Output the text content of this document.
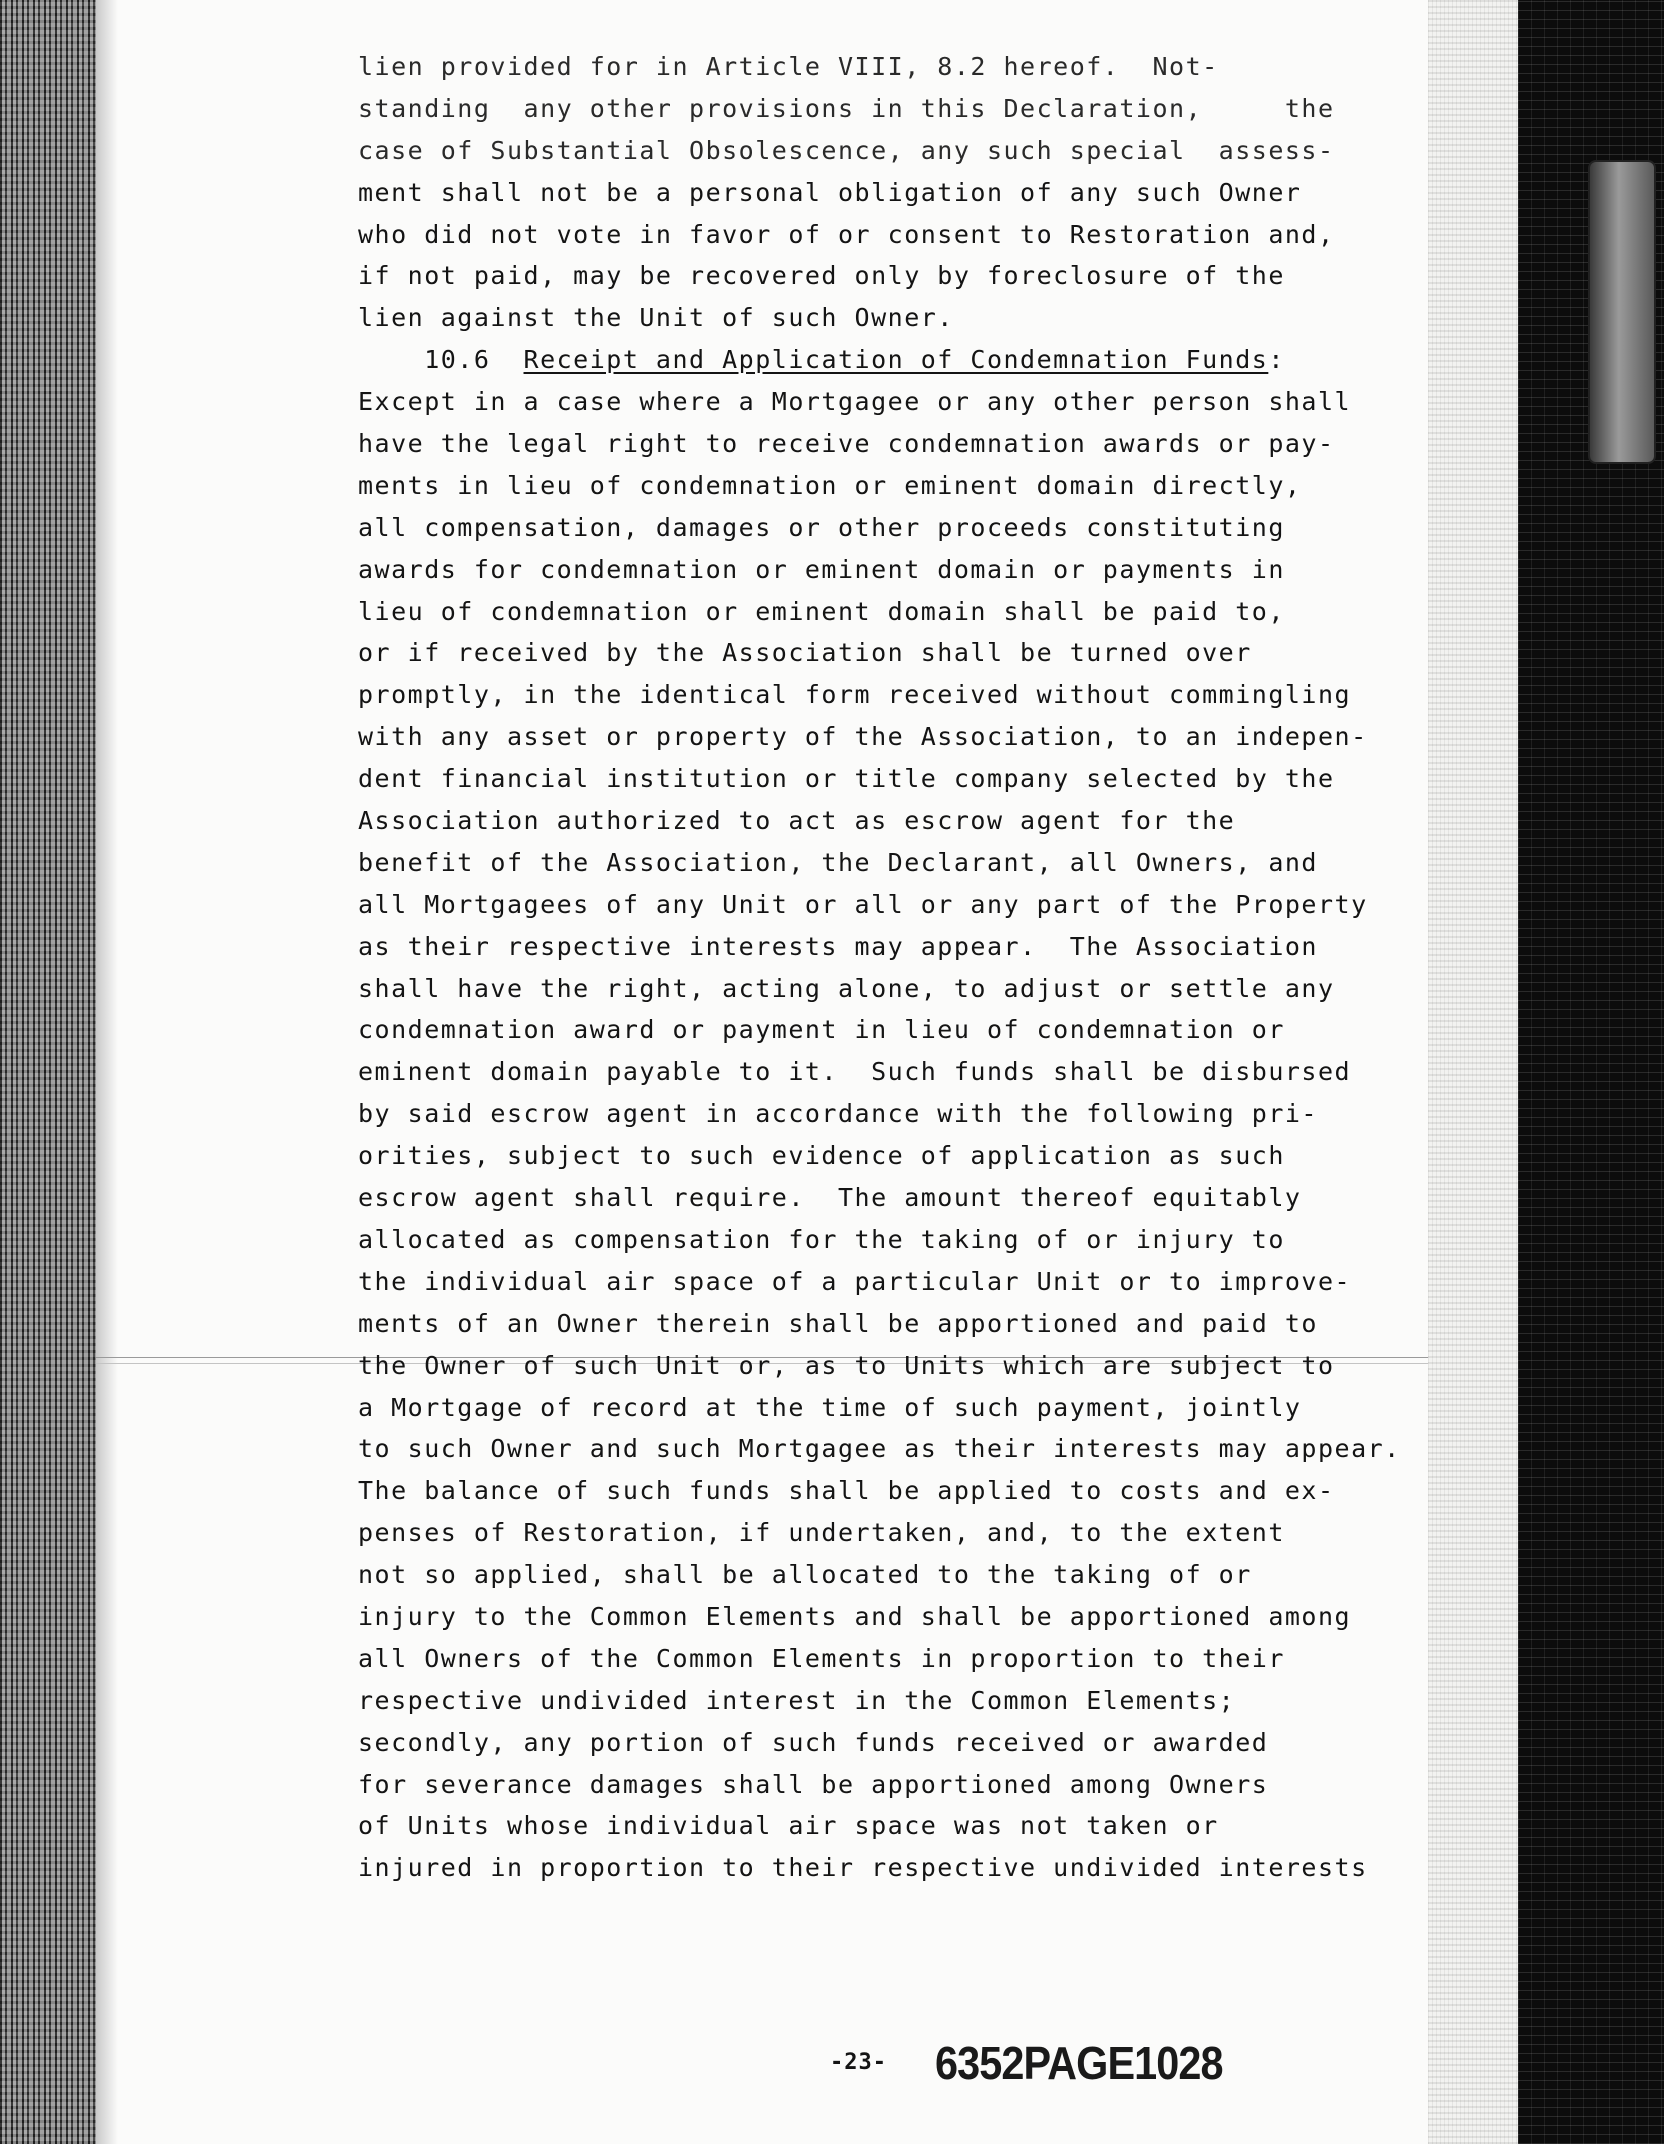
lien provided for in Article VIII, 8.2 hereof.  Not-
standing  any other provisions in this Declaration,     the
case of Substantial Obsolescence, any such special  assess-
ment shall not be a personal obligation of any such Owner
who did not vote in favor of or consent to Restoration and,
if not paid, may be recovered only by foreclosure of the
lien against the Unit of such Owner.
10.6  Receipt and Application of Condemnation Funds:
Except in a case where a Mortgagee or any other person shall
have the legal right to receive condemnation awards or pay-
ments in lieu of condemnation or eminent domain directly,
all compensation, damages or other proceeds constituting
awards for condemnation or eminent domain or payments in
lieu of condemnation or eminent domain shall be paid to,
or if received by the Association shall be turned over
promptly, in the identical form received without commingling
with any asset or property of the Association, to an indepen-
dent financial institution or title company selected by the
Association authorized to act as escrow agent for the
benefit of the Association, the Declarant, all Owners, and
all Mortgagees of any Unit or all or any part of the Property
as their respective interests may appear.  The Association
shall have the right, acting alone, to adjust or settle any
condemnation award or payment in lieu of condemnation or
eminent domain payable to it.  Such funds shall be disbursed
by said escrow agent in accordance with the following pri-
orities, subject to such evidence of application as such
escrow agent shall require.  The amount thereof equitably
allocated as compensation for the taking of or injury to
the individual air space of a particular Unit or to improve-
ments of an Owner therein shall be apportioned and paid to
the Owner of such Unit or, as to Units which are subject to
a Mortgage of record at the time of such payment, jointly
to such Owner and such Mortgagee as their interests may appear.
The balance of such funds shall be applied to costs and ex-
penses of Restoration, if undertaken, and, to the extent
not so applied, shall be allocated to the taking of or
injury to the Common Elements and shall be apportioned among
all Owners of the Common Elements in proportion to their
respective undivided interest in the Common Elements;
secondly, any portion of such funds received or awarded
for severance damages shall be apportioned among Owners
of Units whose individual air space was not taken or
injured in proportion to their respective undivided interests
-23- 6352PAGE1028
